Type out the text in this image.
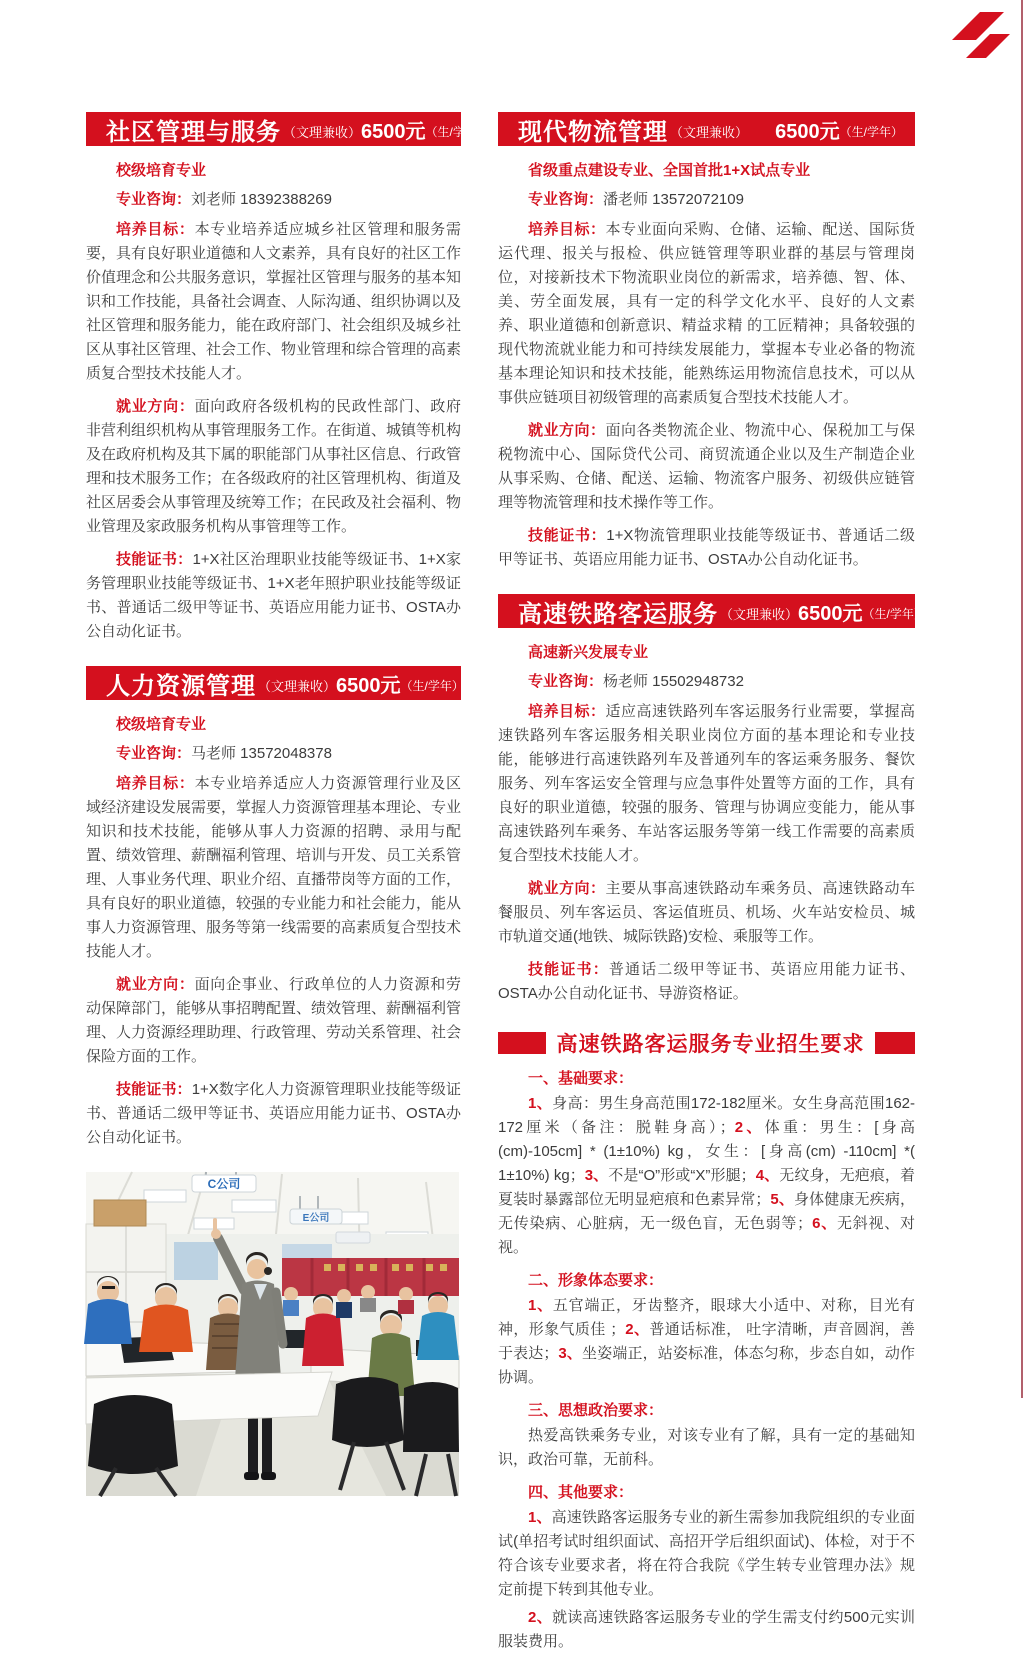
社区管理与服务 （文理兼收） 6500元 （生/学年）

校级培育专业

专业咨询：刘老师 18392388269

培养目标：本专业培养适应城乡社区管理和服务需要，具有良好职业道德和人文素养，具有良好的社区工作价值理念和公共服务意识，掌握社区管理与服务的基本知识和工作技能，具备社会调查、人际沟通、组织协调以及社区管理和服务能力，能在政府部门、社会组织及城乡社区从事社区管理、社会工作、物业管理和综合管理的高素质复合型技术技能人才。

就业方向：面向政府各级机构的民政性部门、政府非营利组织机构从事管理服务工作。在街道、城镇等机构及在政府机构及其下属的职能部门从事社区信息、行政管理和技术服务工作；在各级政府的社区管理机构、街道及社区居委会从事管理及统筹工作；在民政及社会福利、物业管理及家政服务机构从事管理等工作。

技能证书：1+X社区治理职业技能等级证书、1+X家务管理职业技能等级证书、1+X老年照护职业技能等级证书、普通话二级甲等证书、英语应用能力证书、OSTA办公自动化证书。

人力资源管理 （文理兼收） 6500元 （生/学年）

校级培育专业

专业咨询：马老师 13572048378

培养目标：本专业培养适应人力资源管理行业及区域经济建设发展需要，掌握人力资源管理基本理论、专业知识和技术技能，能够从事人力资源的招聘、录用与配置、绩效管理、薪酬福利管理、培训与开发、员工关系管理、人事业务代理、职业介绍、直播带岗等方面的工作，具有良好的职业道德，较强的专业能力和社会能力，能从事人力资源管理、服务等第一线需要的高素质复合型技术技能人才。

就业方向：面向企事业、行政单位的人力资源和劳动保障部门，能够从事招聘配置、绩效管理、薪酬福利管理、人力资源经理助理、行政管理、劳动关系管理、社会保险方面的工作。

技能证书：1+X数字化人力资源管理职业技能等级证书、普通话二级甲等证书、英语应用能力证书、OSTA办公自动化证书。

C公司
E公司
现代物流管理 （文理兼收） 6500元 （生/学年）

省级重点建设专业、全国首批1+X试点专业

专业咨询：潘老师 13572072109

培养目标：本专业面向采购、仓储、运输、配送、国际货运代理、报关与报检、供应链管理等职业群的基层与管理岗位，对接新技术下物流职业岗位的新需求，培养德、智、体、美、劳全面发展，具有一定的科学文化水平、良好的人文素养、职业道德和创新意识、精益求精 的工匠精神；具备较强的现代物流就业能力和可持续发展能力，掌握本专业必备的物流基本理论知识和技术技能，能熟练运用物流信息技术，可以从事供应链项目初级管理的高素质复合型技术技能人才。

就业方向：面向各类物流企业、物流中心、保税加工与保税物流中心、国际贷代公司、商贸流通企业以及生产制造企业从事采购、仓储、配送、运输、物流客户服务、初级供应链管理等物流管理和技术操作等工作。

技能证书：1+X物流管理职业技能等级证书、普通话二级甲等证书、英语应用能力证书、OSTA办公自动化证书。

高速铁路客运服务 （文理兼收） 6500元 （生/学年）

高速新兴发展专业

专业咨询：杨老师 15502948732

培养目标：适应高速铁路列车客运服务行业需要，掌握高速铁路列车客运服务相关职业岗位方面的基本理论和专业技能，能够进行高速铁路列车及普通列车的客运乘务服务、餐饮服务、列车客运安全管理与应急事件处置等方面的工作，具有良好的职业道德，较强的服务、管理与协调应变能力，能从事高速铁路列车乘务、车站客运服务等第一线工作需要的高素质复合型技术技能人才。

就业方向：主要从事高速铁路动车乘务员、高速铁路动车餐服员、列车客运员、客运值班员、机场、火车站安检员、城市轨道交通(地铁、城际铁路)安检、乘服等工作。

技能证书：普通话二级甲等证书、英语应用能力证书、OSTA办公自动化证书、导游资格证。

高速铁路客运服务专业招生要求

一、基础要求：

1、身高：男生身高范围172-182厘米。女生身高范围162-172厘米（备注：脱鞋身高）；2、体重：男生：[身高(cm)-105cm] * (1±10%) kg，女生：[身高(cm) -110cm] *( 1±10%) kg；3、不是“O”形或“X”形腿；4、无纹身，无疤痕，着夏装时暴露部位无明显疤痕和色素异常；5、身体健康无疾病，无传染病、心脏病，无一级色盲，无色弱等；6、无斜视、对视。

二、形象体态要求：

1、五官端正，牙齿整齐，眼球大小适中、对称，目光有神，形象气质佳 ；2、普通话标准， 吐字清晰，声音圆润，善于表达；3、坐姿端正，站姿标准，体态匀称，步态自如，动作协调。

三、思想政治要求：

热爱高铁乘务专业，对该专业有了解，具有一定的基础知识，政治可靠，无前科。

四、其他要求：

1、高速铁路客运服务专业的新生需参加我院组织的专业面试(单招考试时组织面试、高招开学后组织面试)、体检，对于不符合该专业要求者，将在符合我院《学生转专业管理办法》规定前提下转到其他专业。

2、就读高速铁路客运服务专业的学生需支付约500元实训服装费用。
